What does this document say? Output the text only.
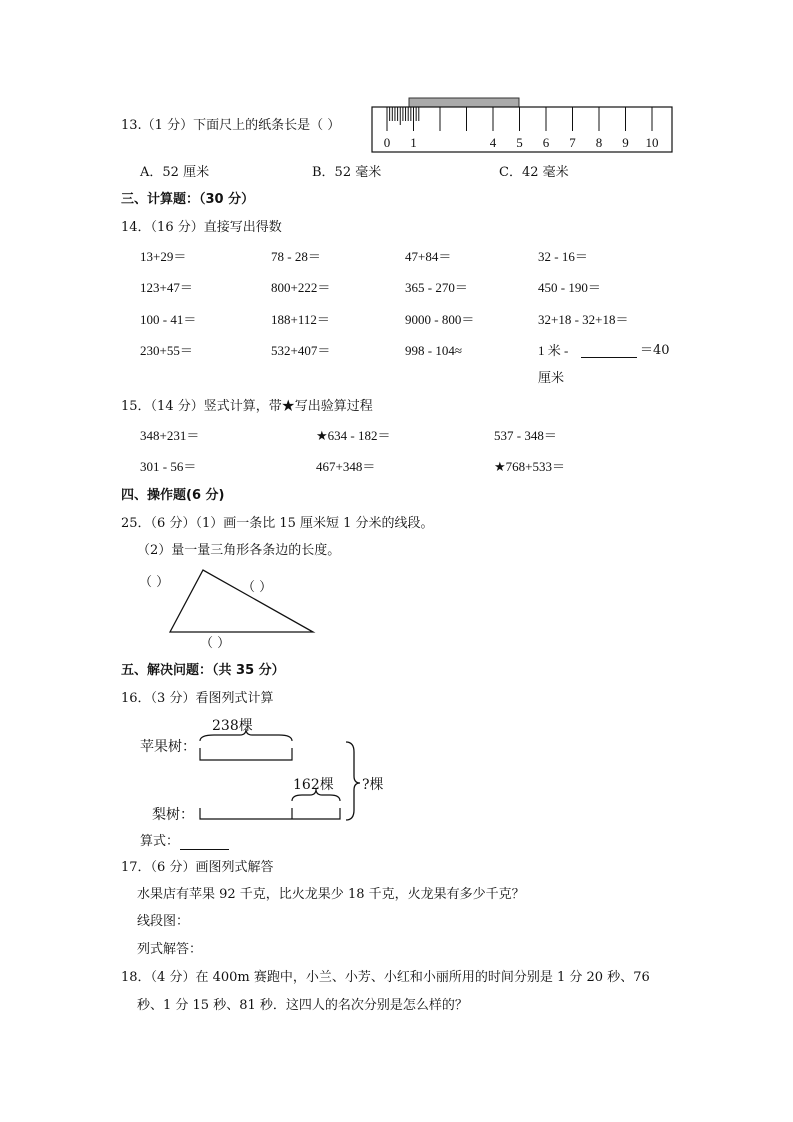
13.（1 分）下面尺上的纸条长是（ ）
0 1	4 5 6 7 8 9 10
A．52 厘米	B．52 毫米	C．42 毫米
三、计算题：（30 分）
14．（16 分）直接写出得数
13+29＝	78 - 28＝	47+84＝	32 - 16＝
123+47＝	800+222＝	365 - 270＝	450 - 190＝
100 - 41＝	188+112＝	9000 - 800＝	32+18 - 32+18＝
230+55＝	532+407＝	998 - 104≈	1 米 -	＝40
厘米
15．（14 分）竖式计算，带★写出验算过程
348+231＝	★634 - 182＝	537 - 348＝
301 - 56＝	467+348＝	★768+533＝
四、操作题(6 分)
25．（6 分）（1）画一条比 15 厘米短 1 分米的线段。
（2）量一量三角形各条边的长度。
（ ）	（ ）
（ ）
五、解决问题：（共 35 分）
16．（3 分）看图列式计算
苹果树：
238棵
梨树：
162棵 ?棵
算式：
17．（6 分）画图列式解答
水果店有苹果 92 千克，比火龙果少 18 千克，火龙果有多少千克？
线段图：
列式解答：
18．（4 分）在 400m 赛跑中，小兰、小芳、小红和小丽所用的时间分别是 1 分 20 秒、76
秒、1 分 15 秒、81 秒．这四人的名次分别是怎么样的？
